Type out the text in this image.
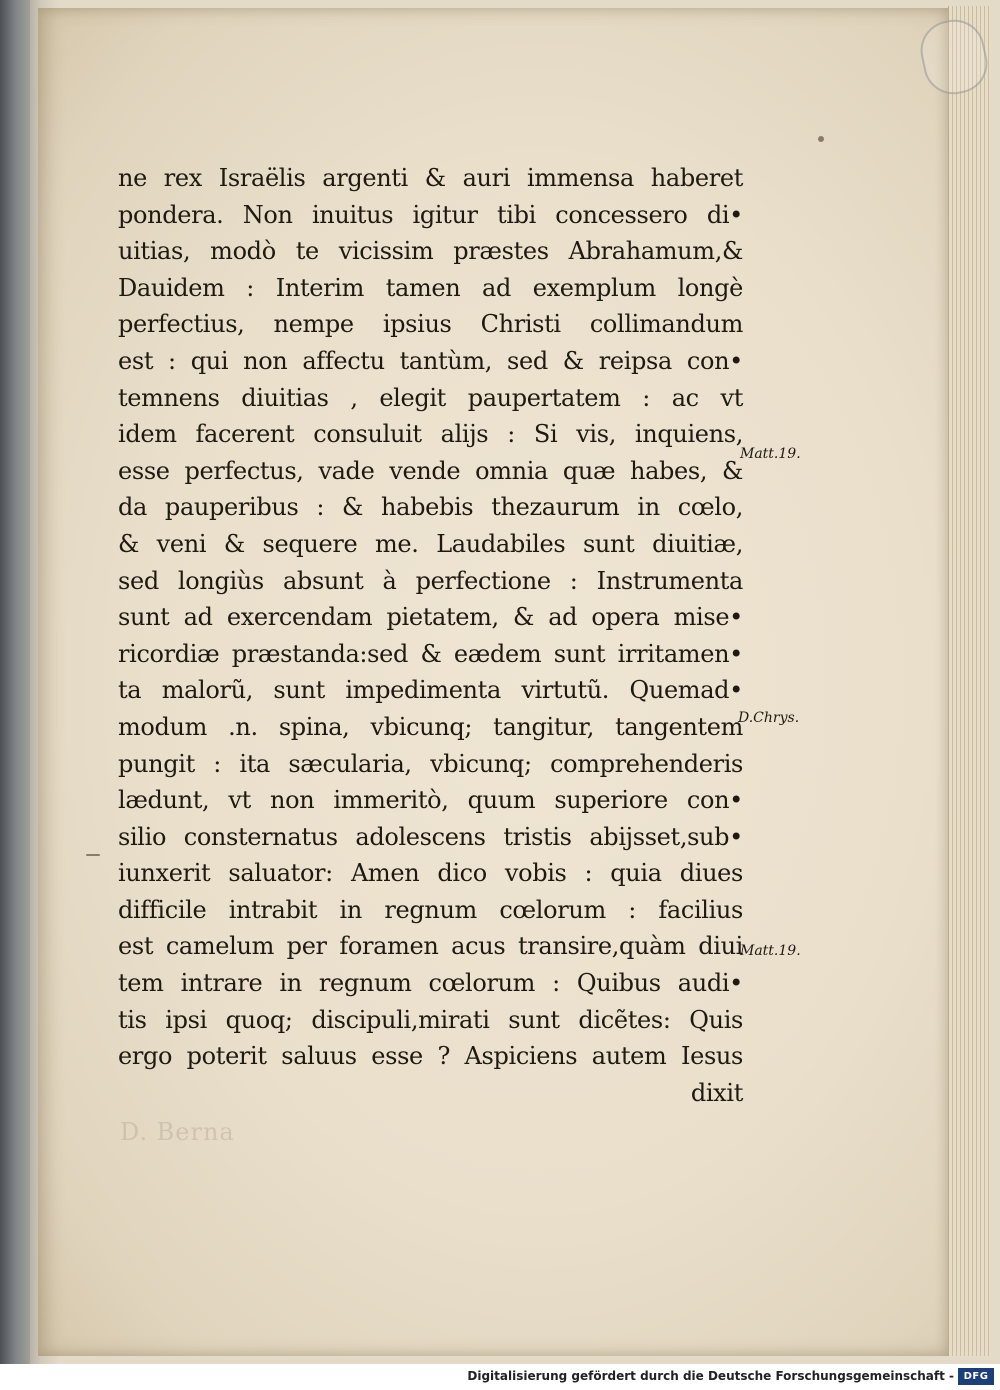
D. Berna
ne rex Israëlis argenti & auri immensa haberet
pondera. Non inuitus igitur tibi concessero di•
uitias, modò te vicissim præstes Abrahamum,&
Dauidem : Interim tamen ad exemplum longè
perfectius, nempe ipsius Christi collimandum
est : qui non affectu tantùm, sed & reipsa con•
temnens diuitias , elegit paupertatem : ac vt
idem facerent consuluit alijs : Si vis, inquiens,
esse perfectus, vade vende omnia quæ habes, &
da pauperibus : & habebis thezaurum in cœlo,
& veni & sequere me. Laudabiles sunt diuitiæ,
sed longiùs absunt à perfectione : Instrumenta
sunt ad exercendam pietatem, & ad opera mise•
ricordiæ præstanda:sed & eædem sunt irritamen•
ta malorũ, sunt impedimenta virtutũ. Quemad•
modum .n. spina, vbicunq; tangitur, tangentem
pungit : ita sæcularia, vbicunq; comprehenderis
lædunt, vt non immeritò, quum superiore con•
silio consternatus adolescens tristis abijsset,sub•
iunxerit saluator: Amen dico vobis : quia diues
difficile intrabit in regnum cœlorum : facilius
est camelum per foramen acus transire,quàm diui
tem intrare in regnum cœlorum : Quibus audi•
tis ipsi quoq; discipuli,mirati sunt dicẽtes: Quis
ergo poterit saluus esse ? Aspiciens autem Iesus
dixit
Matt.19.
D.Chrys.
Matt.19.
Digitalisierung gefördert durch die Deutsche Forschungsgemeinschaft - DFG
